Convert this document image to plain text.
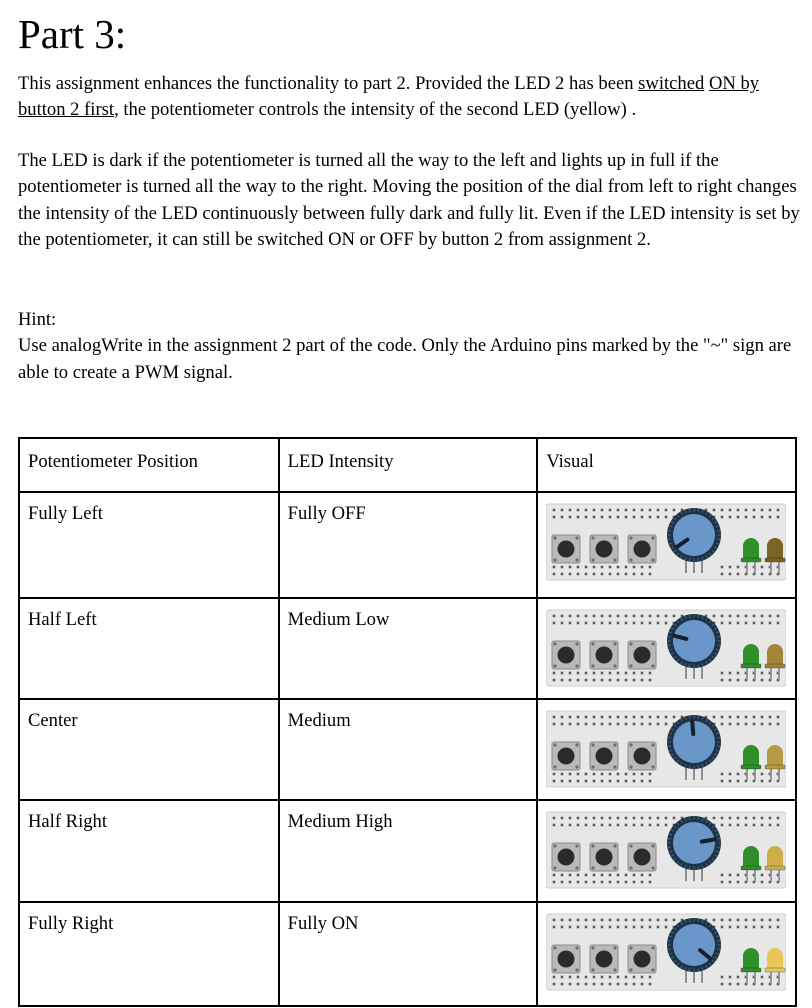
Part 3:

This assignment enhances the functionality to part 2. Provided the LED 2 has been switched ON by button 2 first, the potentiometer controls the intensity of the second LED (yellow) .

The LED is dark if the potentiometer is turned all the way to the left and lights up in full if the potentiometer is turned all the way to the right. Moving the position of the dial from left to right changes the intensity of the LED continuously between fully dark and fully lit. Even if the LED intensity is set by the potentiometer, it can still be switched ON or OFF by button 2 from assignment 2.

Hint:
Use analogWrite in the assignment 2 part of the code. Only the Arduino pins marked by the "~" sign are able to create a PWM signal.

Potentiometer Position	LED Intensity	Visual
Fully Left	Fully OFF	

Half Left	Medium Low	

Center	Medium	

Half Right	Medium High	

Fully Right	Fully ON	
